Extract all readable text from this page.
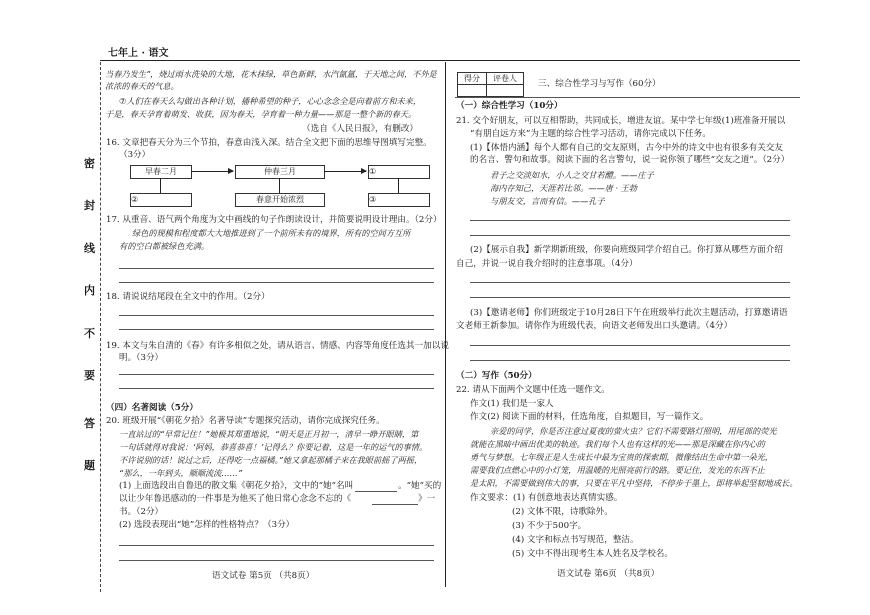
七年上 · 语文
密
封
线
内
不
要
答
题
当春乃发生”，烧过雨水洗染的大地，花木抹绿，草色新鲜，水汽氤氲，于天地之间，不外是
浓浓的春天的气息。
⑦人们在春天么勾做出各种计划，播种希望的种子，心心念念全是向着前方和未来，
于是，春天孕育着萌发、收获，因为春天，孕育着一种力量——那是一整个新的春天。
（选自《人民日报》，有删改）
16. 文章把春天分为三个节拍，春意由浅入深。结合全文把下面的思维导图填写完整。
（3分）
早春二月	仲春三月	①
②	春意开始浓烈	③
17. 从重音、语气两个角度为文中画线的句子作朗读设计，并简要说明设计理由。（2分）
绿色的规模和程度都大大地推进到了一个前所未有的境界，所有的空间方互所
有的空白都被绿色充满。
18. 请说说结尾段在全文中的作用。（2分）
19. 本文与朱自清的《春》有许多相似之处，请从语言、情感、内容等角度任选其一加以说
明。（3分）
（四）名著阅读（5分）
20. 班级开展“《朝花夕拾》名著导读”专题探究活动，请你完成探究任务。
一直站过的“早常记住！”她极其郑重地说，“明天是正月初一，清早一睁开眼睛，第
一句话就得对我说：‘阿妈，恭喜恭喜！’记得么？你要记着，这是一年的运气的事情。
不许说别的话！说过之后，还得吃一点福橘。”她又拿起那橘子来在我眼前摇了两摇，
“那么，一年到头，顺顺流流……”
(1) 上面选段出自鲁迅的散文集《朝花夕拾》，文中的“她”名叫	。“她”买的
以让少年鲁迅感动的一件事是为他买了他日常心念念不忘的《	》一
书。（2分）
(2) 选段表现出“她”怎样的性格特点？（3分）
语文试卷 第5页 （共8页）
得分	评卷人

三、综合性学习与写作（60分）
（一）综合性学习（10分）
21. 交个好朋友，可以互相帮助，共同成长，增进友谊。某中学七年级(1)班准备开展以
“有朋自远方来”为主题的综合性学习活动，请你完成以下任务。
(1)【体悟内涵】每个人都有自己的交友原则，古今中外的诗文中也有很多有关交友
的名言、警句和故事。阅读下面的名言警句，说一说你领了哪些“交友之道”。（2分）
君子之交淡如水，小人之交甘若醴。——庄子
海内存知己，天涯若比邻。——唐 · 王勃
与朋友交，言而有信。——孔子
(2)【展示自我】新学期新班级，你要向班级同学介绍自己。你打算从哪些方面介绍
自己，并说一说自我介绍时的注意事项。（4分）
(3)【邀请老师】你们班级定于10月28日下午在班级举行此次主题活动，打算邀请语
文老师王新参加。请你作为班级代表，向语文老师发出口头邀请。（4分）
（二）写作（50分）
22. 请从下面两个文题中任选一题作文。
作文(1) 我们是一家人
作文(2) 阅读下面的材料，任选角度，自拟题目，写一篇作文。
亲爱的同学，你是否注意过夏夜的萤火虫？它们不需要路灯照明，用尾部的荧光
就能在黑暗中画出优美的轨迹。我们每个人也有这样的光——那是深藏在你内心的
勇气与梦想。七年级正是人生成长中最为宝贵的探索期，微像结出生命中第一朵光，
需要我们点燃心中的小灯笼，用温暖的光照亮前行的路。要记住，发光的东西不止
是太阳，不需要做到伟大的事，只要在平凡中坚持，不停步于墨上，即将举起坚韧地成长。
作文要求：(1) 有创意地表达真情实感。
(2) 文体不限，诗歌除外。
(3) 不少于500字。
(4) 文字和标点书写规范，整洁。
(5) 文中不得出现考生本人姓名及学校名。
语文试卷 第6页 （共8页）
